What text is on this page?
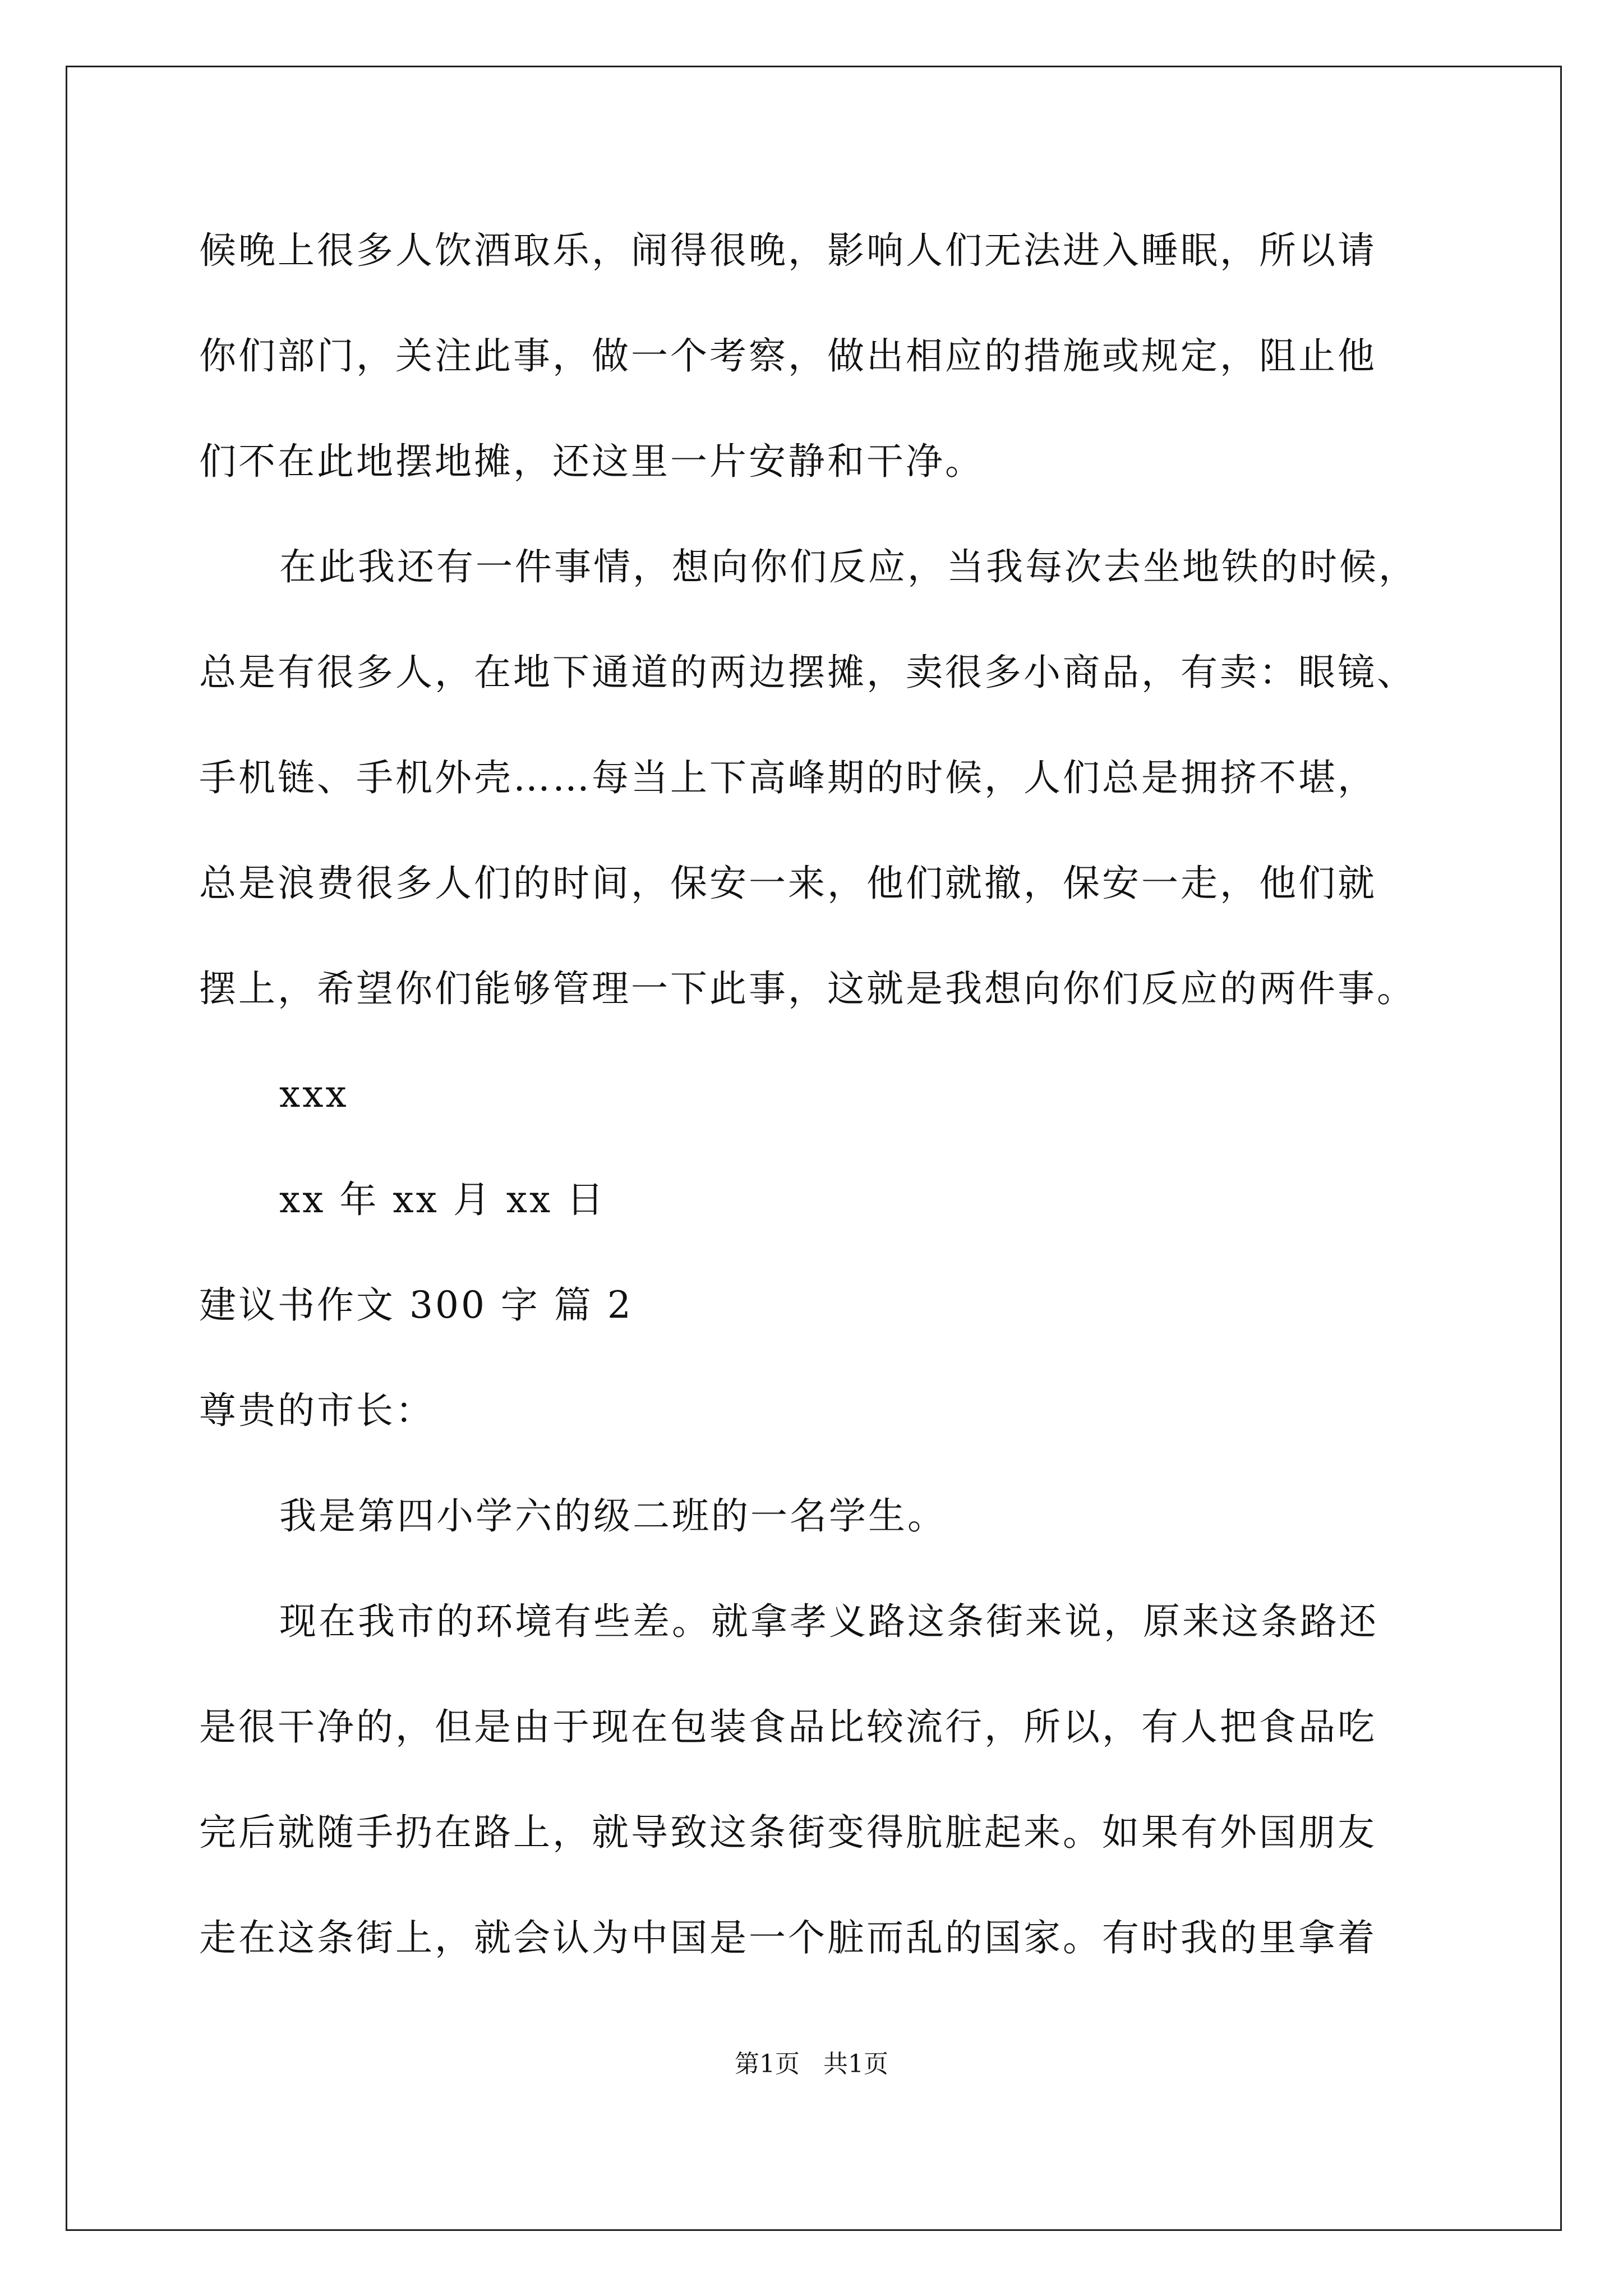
候晚上很多人饮酒取乐，闹得很晚，影响人们无法进入睡眠，所以请
你们部门，关注此事，做一个考察，做出相应的措施或规定，阻止他
们不在此地摆地摊，还这里一片安静和干净。
在此我还有一件事情，想向你们反应，当我每次去坐地铁的时候，
总是有很多人，在地下通道的两边摆摊，卖很多小商品，有卖：眼镜、
手机链、手机外壳……每当上下高峰期的时候，人们总是拥挤不堪，
总是浪费很多人们的时间，保安一来，他们就撤，保安一走，他们就
摆上，希望你们能够管理一下此事，这就是我想向你们反应的两件事。
xxx
xx 年 xx 月 xx 日
建议书作文 300 字 篇 2
尊贵的市长：
我是第四小学六的级二班的一名学生。
现在我市的环境有些差。就拿孝义路这条街来说，原来这条路还
是很干净的，但是由于现在包装食品比较流行，所以，有人把食品吃
完后就随手扔在路上，就导致这条街变得肮脏起来。如果有外国朋友
走在这条街上，就会认为中国是一个脏而乱的国家。有时我的里拿着
第1页   共1页
